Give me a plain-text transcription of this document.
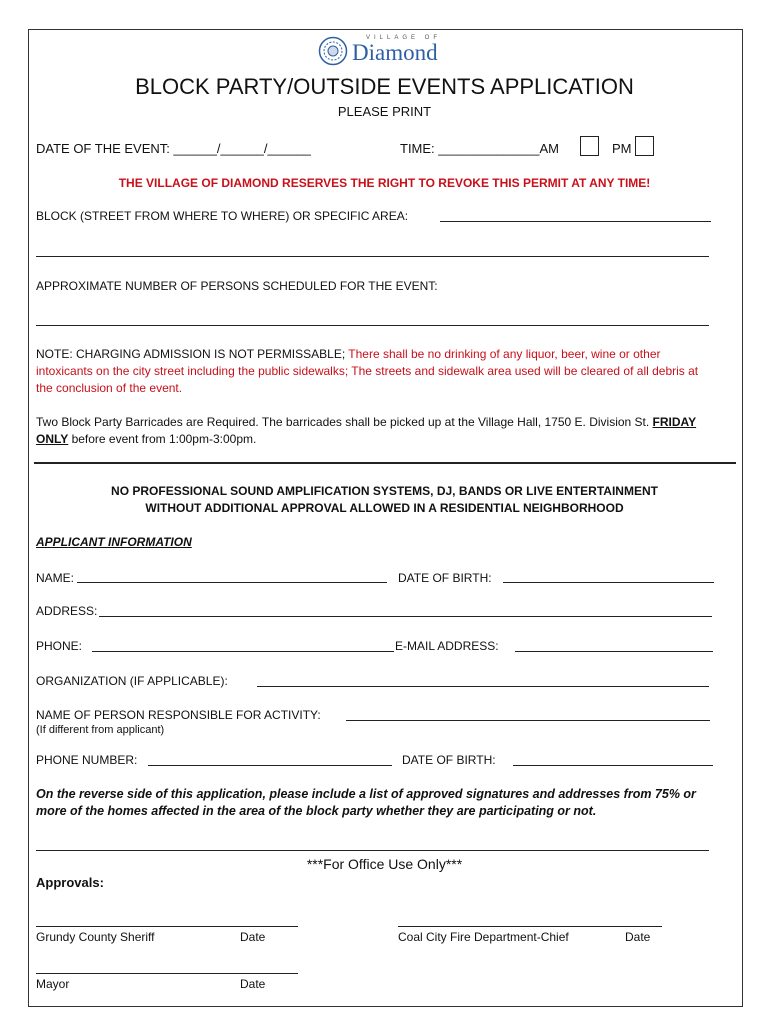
VILLAGE OF
Diamond
BLOCK PARTY/OUTSIDE EVENTS APPLICATION
PLEASE PRINT
DATE OF THE EVENT: ______/______/______	TIME: ______________AM	PM
THE VILLAGE OF DIAMOND RESERVES THE RIGHT TO REVOKE THIS PERMIT AT ANY TIME!
BLOCK (STREET FROM WHERE TO WHERE) OR SPECIFIC AREA:
APPROXIMATE NUMBER OF PERSONS SCHEDULED FOR THE EVENT:
NOTE: CHARGING ADMISSION IS NOT PERMISSABLE; There shall be no drinking of any liquor, beer, wine or other intoxicants on the city street including the public sidewalks; The streets and sidewalk area used will be cleared of all debris at the conclusion of the event.
Two Block Party Barricades are Required. The barricades shall be picked up at the Village Hall, 1750 E. Division St. FRIDAY ONLY before event from 1:00pm-3:00pm.
NO PROFESSIONAL SOUND AMPLIFICATION SYSTEMS, DJ, BANDS OR LIVE ENTERTAINMENT
WITHOUT ADDITIONAL APPROVAL ALLOWED IN A RESIDENTIAL NEIGHBORHOOD
APPLICANT INFORMATION
NAME:	DATE OF BIRTH:
ADDRESS:
PHONE:	E-MAIL ADDRESS:
ORGANIZATION (IF APPLICABLE):
NAME OF PERSON RESPONSIBLE FOR ACTIVITY:
(If different from applicant)
PHONE NUMBER:	DATE OF BIRTH:
On the reverse side of this application, please include a list of approved signatures and addresses from 75% or more of the homes affected in the area of the block party whether they are participating or not.
***For Office Use Only***
Approvals:
Grundy County Sheriff	Date	Coal City Fire Department-Chief	Date
Mayor	Date
